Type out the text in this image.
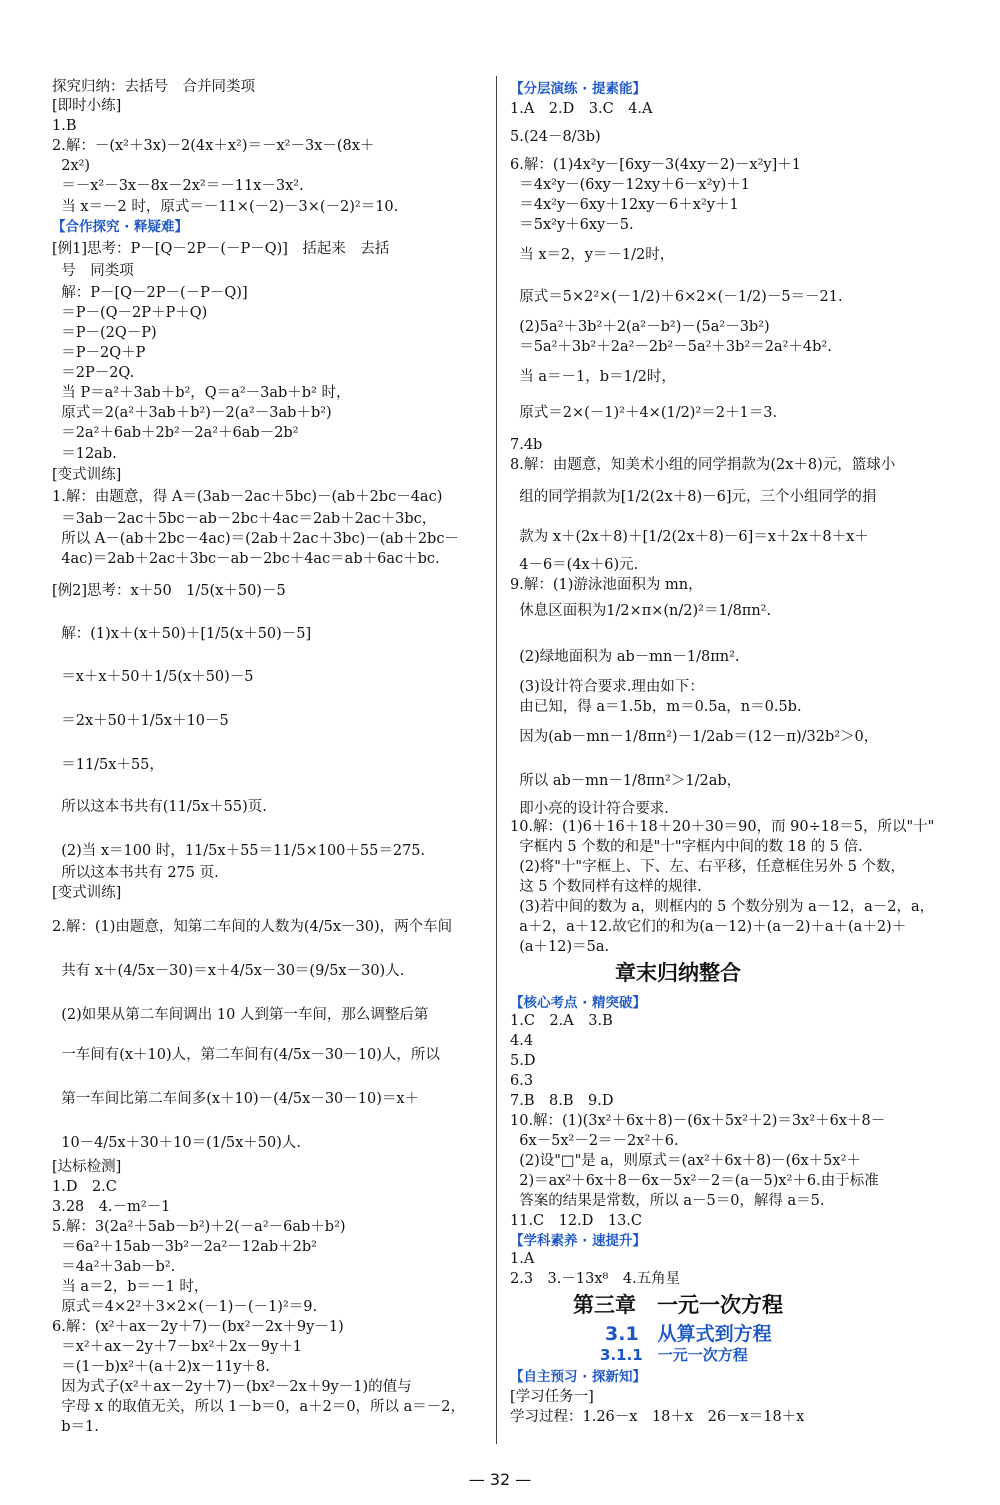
探究归纳：去括号　合并同类项
[即时小练]
1.B
2.解：－(x²＋3x)－2(4x＋x²)＝－x²－3x－(8x＋
2x²)
＝－x²－3x－8x－2x²＝－11x－3x².
当 x＝－2 时，原式＝－11×(－2)－3×(－2)²＝10.
【合作探究 · 释疑难】
[例1]思考：P－[Q－2P－(－P－Q)]　括起来　去括
号　同类项
解：P－[Q－2P－(－P－Q)]
＝P－(Q－2P＋P＋Q)
＝P－(2Q－P)
＝P－2Q＋P
＝2P－2Q.
当 P＝a²＋3ab＋b²，Q＝a²－3ab＋b² 时，
原式＝2(a²＋3ab＋b²)－2(a²－3ab＋b²)
＝2a²＋6ab＋2b²－2a²＋6ab－2b²
＝12ab.
[变式训练]
1.解：由题意，得 A＝(3ab－2ac＋5bc)－(ab＋2bc－4ac)
＝3ab－2ac＋5bc－ab－2bc＋4ac＝2ab＋2ac＋3bc，
所以 A－(ab＋2bc－4ac)＝(2ab＋2ac＋3bc)－(ab＋2bc－
4ac)＝2ab＋2ac＋3bc－ab－2bc＋4ac＝ab＋6ac＋bc.
[例2]思考：x＋50　1/5(x＋50)－5
解：(1)x＋(x＋50)＋[1/5(x＋50)－5]
＝x＋x＋50＋1/5(x＋50)－5
＝2x＋50＋1/5x＋10－5
＝11/5x＋55，
所以这本书共有(11/5x＋55)页.
(2)当 x＝100 时，11/5x＋55＝11/5×100＋55＝275.
所以这本书共有 275 页.
[变式训练]
2.解：(1)由题意，知第二车间的人数为(4/5x－30)，两个车间
共有 x＋(4/5x－30)＝x＋4/5x－30＝(9/5x－30)人.
(2)如果从第二车间调出 10 人到第一车间，那么调整后第
一车间有(x＋10)人，第二车间有(4/5x－30－10)人，所以
第一车间比第二车间多(x＋10)－(4/5x－30－10)＝x＋
10－4/5x＋30＋10＝(1/5x＋50)人.
[达标检测]
1.D　2.C
3.28　4.－m²－1
5.解：3(2a²＋5ab－b²)＋2(－a²－6ab＋b²)
＝6a²＋15ab－3b²－2a²－12ab＋2b²
＝4a²＋3ab－b².
当 a＝2，b＝－1 时，
原式＝4×2²＋3×2×(－1)－(－1)²＝9.
6.解：(x²＋ax－2y＋7)－(bx²－2x＋9y－1)
＝x²＋ax－2y＋7－bx²＋2x－9y＋1
＝(1－b)x²＋(a＋2)x－11y＋8.
因为式子(x²＋ax－2y＋7)－(bx²－2x＋9y－1)的值与
字母 x 的取值无关，所以 1－b＝0，a＋2＝0，所以 a＝－2，
b＝1.
【分层演练 · 提素能】
1.A　2.D　3.C　4.A
5.(24－8/3b)
6.解：(1)4x²y－[6xy－3(4xy－2)－x²y]＋1
＝4x²y－(6xy－12xy＋6－x²y)＋1
＝4x²y－6xy＋12xy－6＋x²y＋1
＝5x²y＋6xy－5.
当 x＝2，y＝－1/2时，
原式＝5×2²×(－1/2)＋6×2×(－1/2)－5＝－21.
(2)5a²＋3b²＋2(a²－b²)－(5a²－3b²)
＝5a²＋3b²＋2a²－2b²－5a²＋3b²＝2a²＋4b².
当 a＝－1，b＝1/2时，
原式＝2×(－1)²＋4×(1/2)²＝2＋1＝3.
7.4b
8.解：由题意，知美术小组的同学捐款为(2x＋8)元，篮球小
组的同学捐款为[1/2(2x＋8)－6]元，三个小组同学的捐
款为 x＋(2x＋8)＋[1/2(2x＋8)－6]＝x＋2x＋8＋x＋
4－6＝(4x＋6)元.
9.解：(1)游泳池面积为 mn，
休息区面积为1/2×π×(n/2)²＝1/8πn².
(2)绿地面积为 ab－mn－1/8πn².
(3)设计符合要求.理由如下：
由已知，得 a＝1.5b，m＝0.5a，n＝0.5b.
因为(ab－mn－1/8πn²)－1/2ab＝(12－π)/32b²＞0，
所以 ab－mn－1/8πn²＞1/2ab，
即小亮的设计符合要求.
10.解：(1)6＋16＋18＋20＋30＝90，而 90÷18＝5，所以"十"
字框内 5 个数的和是"十"字框内中间的数 18 的 5 倍.
(2)将"十"字框上、下、左、右平移，任意框住另外 5 个数，
这 5 个数同样有这样的规律.
(3)若中间的数为 a，则框内的 5 个数分别为 a－12，a－2，a，
a＋2，a＋12.故它们的和为(a－12)＋(a－2)＋a＋(a＋2)＋
(a＋12)＝5a.
　　　　　章末归纳整合
【核心考点 · 精突破】
1.C　2.A　3.B
4.4
5.D
6.3
7.B　8.B　9.D
10.解：(1)(3x²＋6x＋8)－(6x＋5x²＋2)＝3x²＋6x＋8－
6x－5x²－2＝－2x²＋6.
(2)设"□"是 a，则原式＝(ax²＋6x＋8)－(6x＋5x²＋
2)＝ax²＋6x＋8－6x－5x²－2＝(a－5)x²＋6.由于标准
答案的结果是常数，所以 a－5＝0，解得 a＝5.
11.C　12.D　13.C
【学科素养 · 速提升】
1.A
2.3　3.－13x⁸　4.五角星
　　　第三章　一元一次方程
　　　　　3.1　从算式到方程
　　　　　　3.1.1　一元一次方程
【自主预习 · 探新知】
[学习任务一]
学习过程：1.26－x　18＋x　26－x＝18＋x
— 32 —
